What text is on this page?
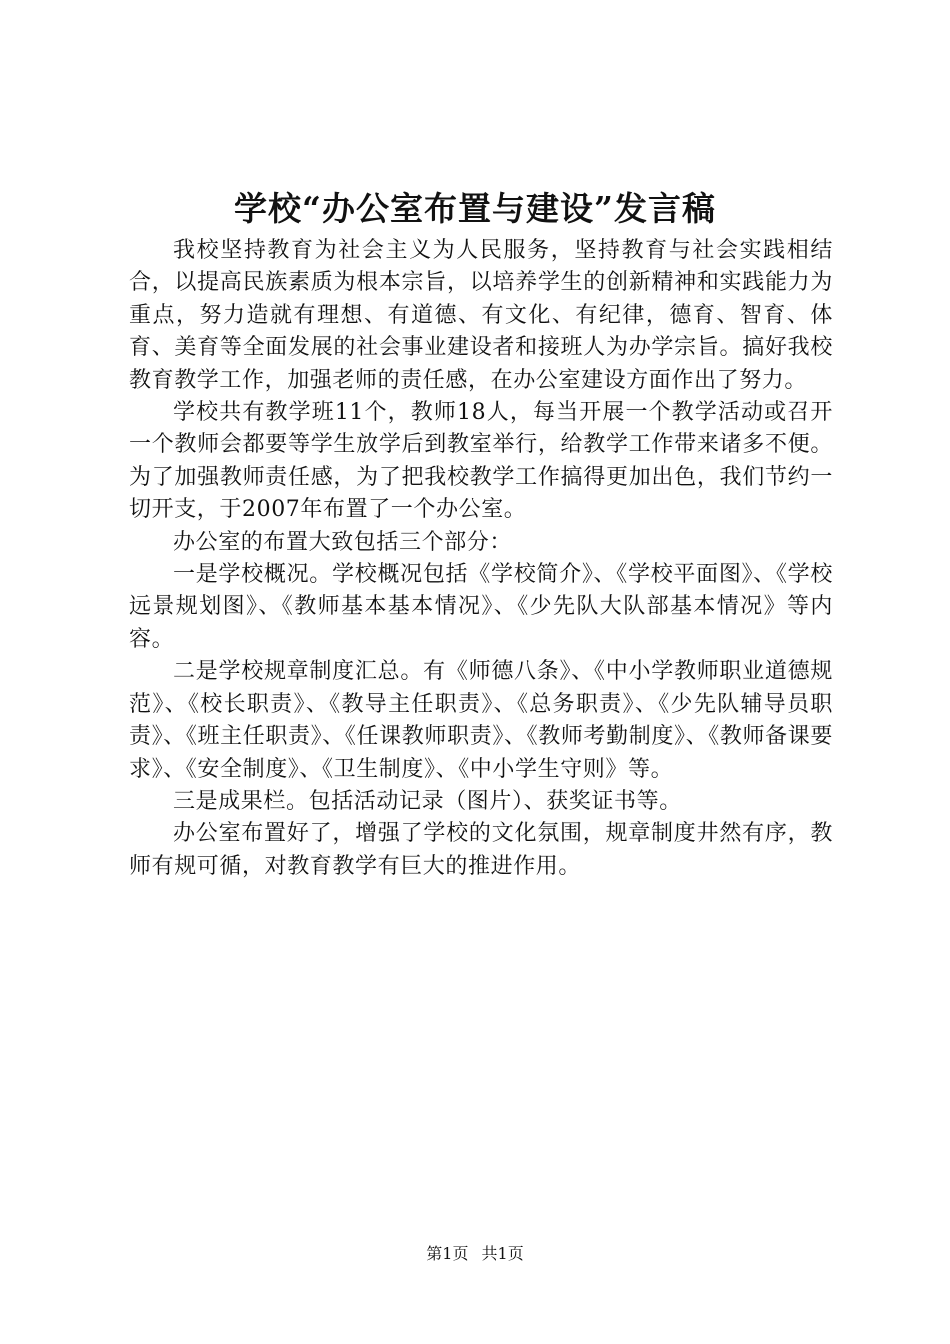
学校“办公室布置与建设”发言稿

我校坚持教育为社会主义为人民服务，坚持教育与社会实践相结合，以提高民族素质为根本宗旨，以培养学生的创新精神和实践能力为重点，努力造就有理想、有道德、有文化、有纪律，德育、智育、体育、美育等全面发展的社会事业建设者和接班人为办学宗旨。搞好我校教育教学工作，加强老师的责任感，在办公室建设方面作出了努力。

学校共有教学班11个，教师18人，每当开展一个教学活动或召开一个教师会都要等学生放学后到教室举行，给教学工作带来诸多不便。为了加强教师责任感，为了把我校教学工作搞得更加出色，我们节约一切开支，于2007年布置了一个办公室。

办公室的布置大致包括三个部分：

一是学校概况。学校概况包括《学校简介》、《学校平面图》、《学校远景规划图》、《教师基本基本情况》、《少先队大队部基本情况》等内容。

二是学校规章制度汇总。有《师德八条》、《中小学教师职业道德规范》、《校长职责》、《教导主任职责》、《总务职责》、《少先队辅导员职责》、《班主任职责》、《任课教师职责》、《教师考勤制度》、《教师备课要求》、《安全制度》、《卫生制度》、《中小学生守则》等。

三是成果栏。包括活动记录（图片）、获奖证书等。

办公室布置好了，增强了学校的文化氛围，规章制度井然有序，教师有规可循，对教育教学有巨大的推进作用。

第1页 共1页
